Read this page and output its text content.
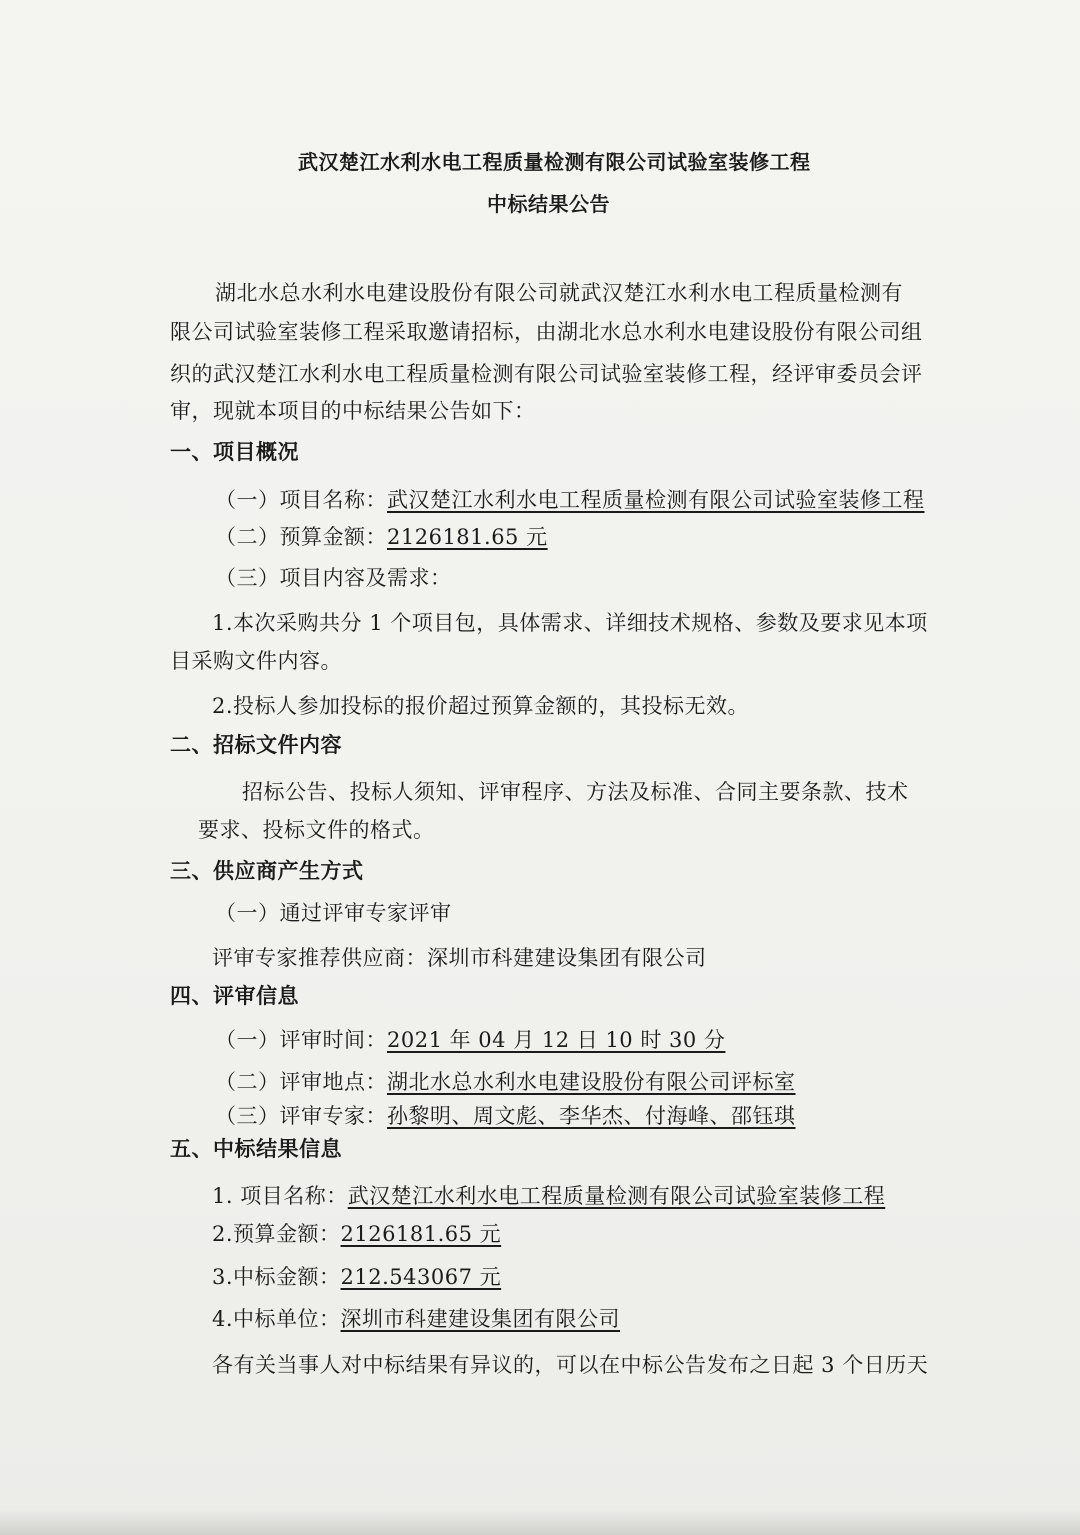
武汉楚江水利水电工程质量检测有限公司试验室装修工程
中标结果公告
湖北水总水利水电建设股份有限公司就武汉楚江水利水电工程质量检测有
限公司试验室装修工程采取邀请招标，由湖北水总水利水电建设股份有限公司组
织的武汉楚江水利水电工程质量检测有限公司试验室装修工程，经评审委员会评
审，现就本项目的中标结果公告如下：
一、项目概况
（一）项目名称：武汉楚江水利水电工程质量检测有限公司试验室装修工程
（二）预算金额：2126181.65 元
（三）项目内容及需求：
1.本次采购共分 1 个项目包，具体需求、详细技术规格、参数及要求见本项
目采购文件内容。
2.投标人参加投标的报价超过预算金额的，其投标无效。
二、招标文件内容
招标公告、投标人须知、评审程序、方法及标准、合同主要条款、技术
要求、投标文件的格式。
三、供应商产生方式
（一）通过评审专家评审
评审专家推荐供应商：深圳市科建建设集团有限公司
四、评审信息
（一）评审时间：2021 年 04 月 12 日 10 时 30 分
（二）评审地点：湖北水总水利水电建设股份有限公司评标室
（三）评审专家：孙黎明、周文彪、李华杰、付海峰、邵钰琪
五、中标结果信息
1. 项目名称：武汉楚江水利水电工程质量检测有限公司试验室装修工程
2.预算金额：2126181.65 元
3.中标金额：212.543067 元
4.中标单位：深圳市科建建设集团有限公司
各有关当事人对中标结果有异议的，可以在中标公告发布之日起 3 个日历天
